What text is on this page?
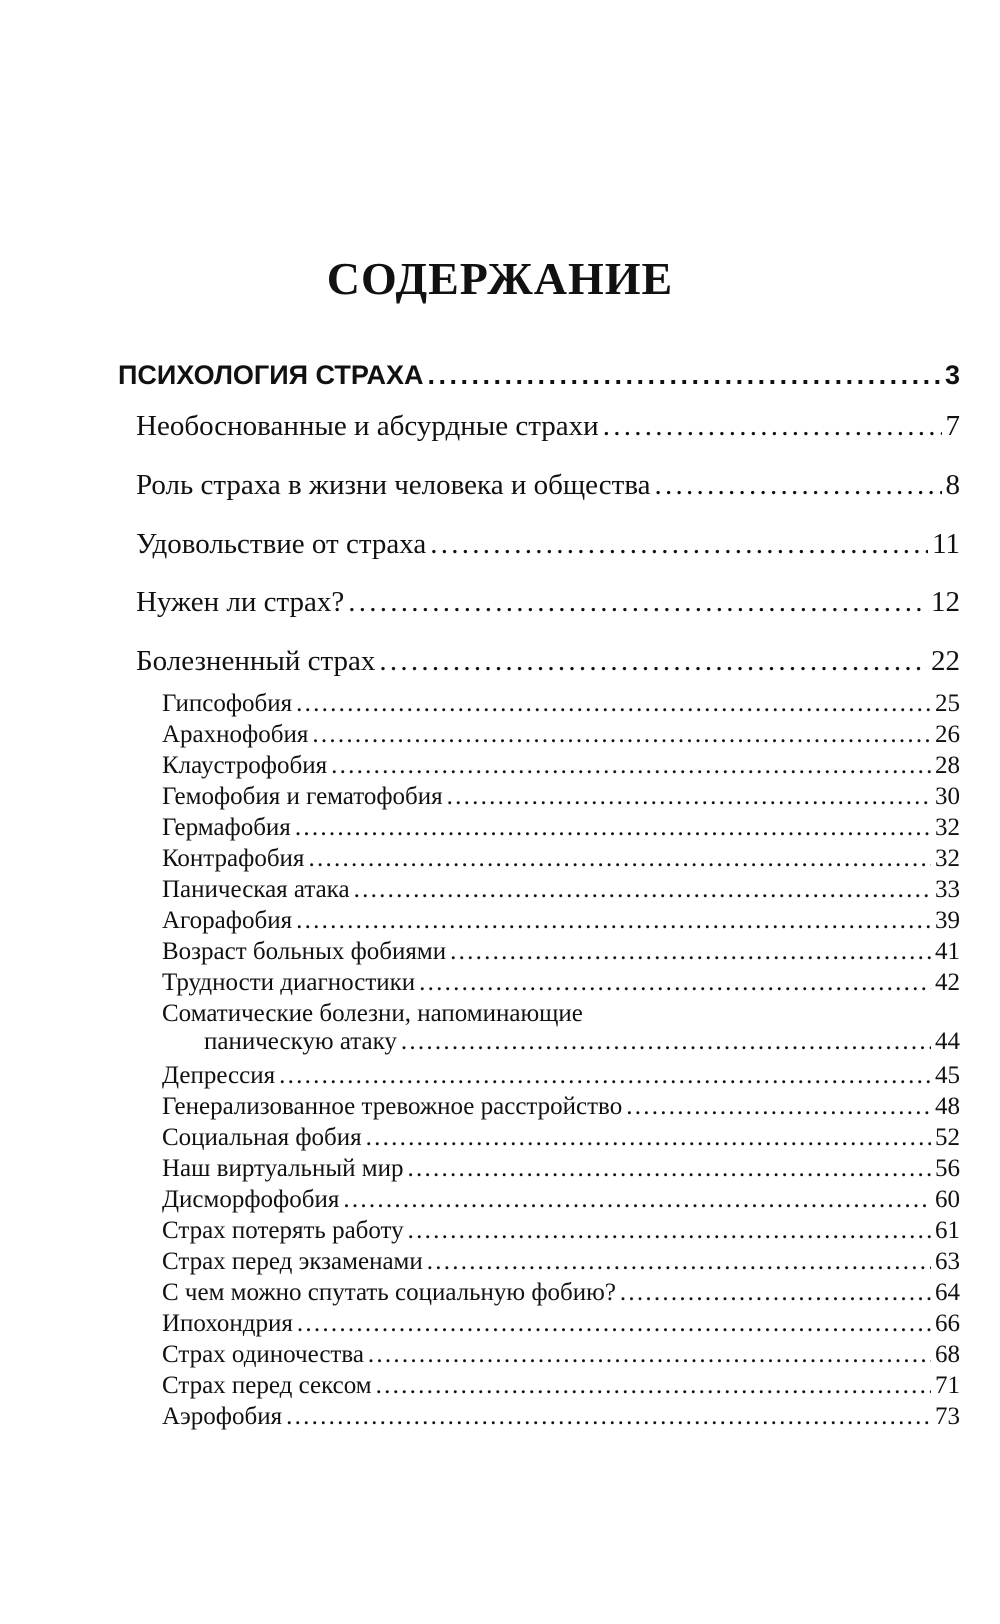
СОДЕРЖАНИЕ
ПСИХОЛОГИЯ СТРАХА . . .	3
Необоснованные и абсурдные страхи . . .	7
Роль страха в жизни человека и общества . . .	8
Удовольствие от страха . . .	11
Нужен ли страх? . . .	12
Болезненный страх . . .	22
Гипсофобия . . .	25
Арахнофобия . . .	26
Клаустрофобия . . .	28
Гемофобия и гематофобия . . .	30
Гермафобия . . .	32
Контрафобия . . .	32
Паническая атака . . .	33
Агорафобия . . .	39
Возраст больных фобиями . . .	41
Трудности диагностики . . .	42
Соматические болезни, напоминающие
паническую атаку . . .	44
Депрессия . . .	45
Генерализованное тревожное расстройство . . .	48
Социальная фобия . . .	52
Наш виртуальный мир . . .	56
Дисморфофобия . . .	60
Страх потерять работу . . .	61
Страх перед экзаменами . . .	63
С чем можно спутать социальную фобию? . . .	64
Ипохондрия . . .	66
Страх одиночества . . .	68
Страх перед сексом . . .	71
Аэрофобия . . .	73
